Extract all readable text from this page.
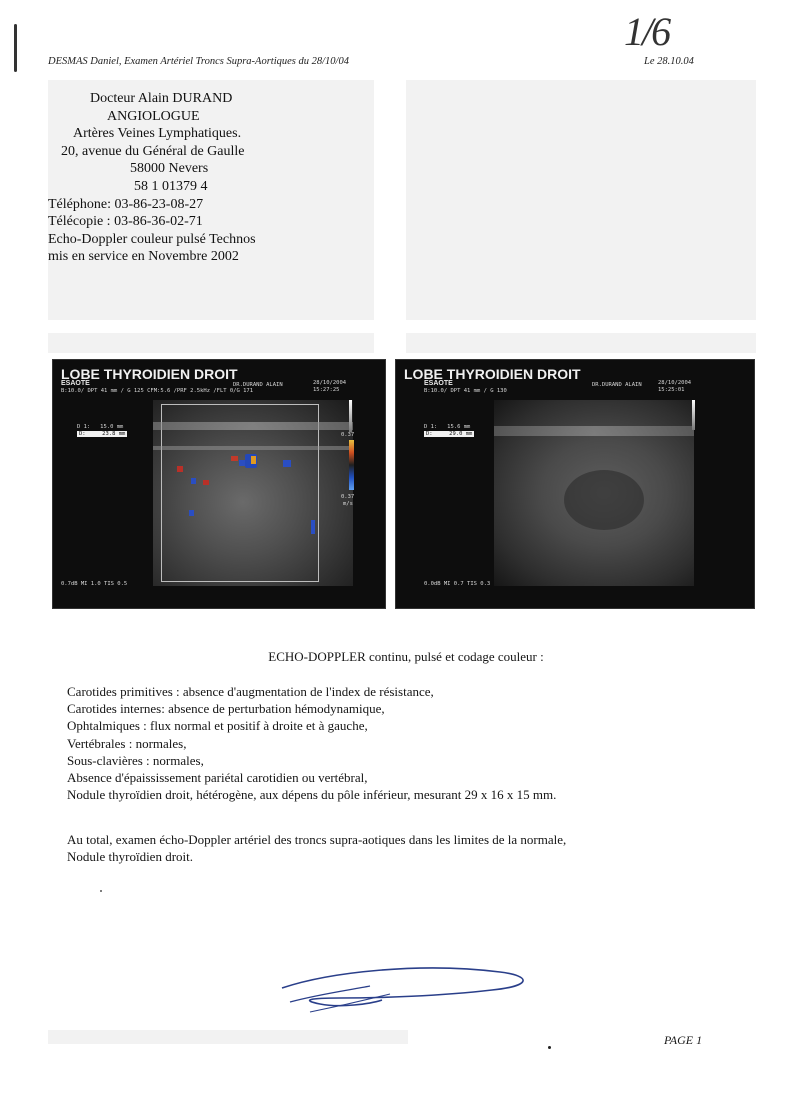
1/6
DESMAS Daniel, Examen Artériel Troncs Supra-Aortiques du 28/10/04	Le 28.10.04
Docteur Alain DURAND
ANGIOLOGUE
Artères Veines Lymphatiques.
20, avenue du Général de Gaulle
58000 Nevers
58 1 01379 4
Téléphone: 03-86-23-08-27
Télécopie : 03-86-36-02-71
Echo-Doppler couleur pulsé Technos
mis en service en Novembre 2002
LOBE THYROIDIEN DROIT
ESAOTE	DR.DURAND ALAIN	28/10/2004
15:27:25
B:10.0/ DPT 41 mm / G 125 CFM:5.6 /PRF 2.5kHz /FLT 0/G 171
0.37
0.37
m/s
D 1:   15.0 mm
D:     23.8 mm
0.7dB MI 1.0 TIS 0.5
LOBE THYROIDIEN DROIT
ESAOTE	DR.DURAND ALAIN	28/10/2004
15:25:01
B:10.0/ DPT 41 mm / G 130
D 1:   15.6 mm
D:     29.0 mm
0.0dB MI 0.7 TIS 0.3
ECHO-DOPPLER continu, pulsé et codage couleur :
Carotides primitives : absence d'augmentation de l'index de résistance,
Carotides internes: absence de perturbation hémodynamique,
Ophtalmiques : flux normal et positif à droite et à gauche,
Vertébrales : normales,
Sous-clavières : normales,
Absence d'épaississement pariétal carotidien ou vertébral,
Nodule thyroïdien droit, hétérogène, aux dépens du pôle inférieur, mesurant 29 x 16 x 15 mm.
Au total, examen écho-Doppler artériel des troncs supra-aotiques dans les limites de la normale,
Nodule thyroïdien droit.
PAGE 1
